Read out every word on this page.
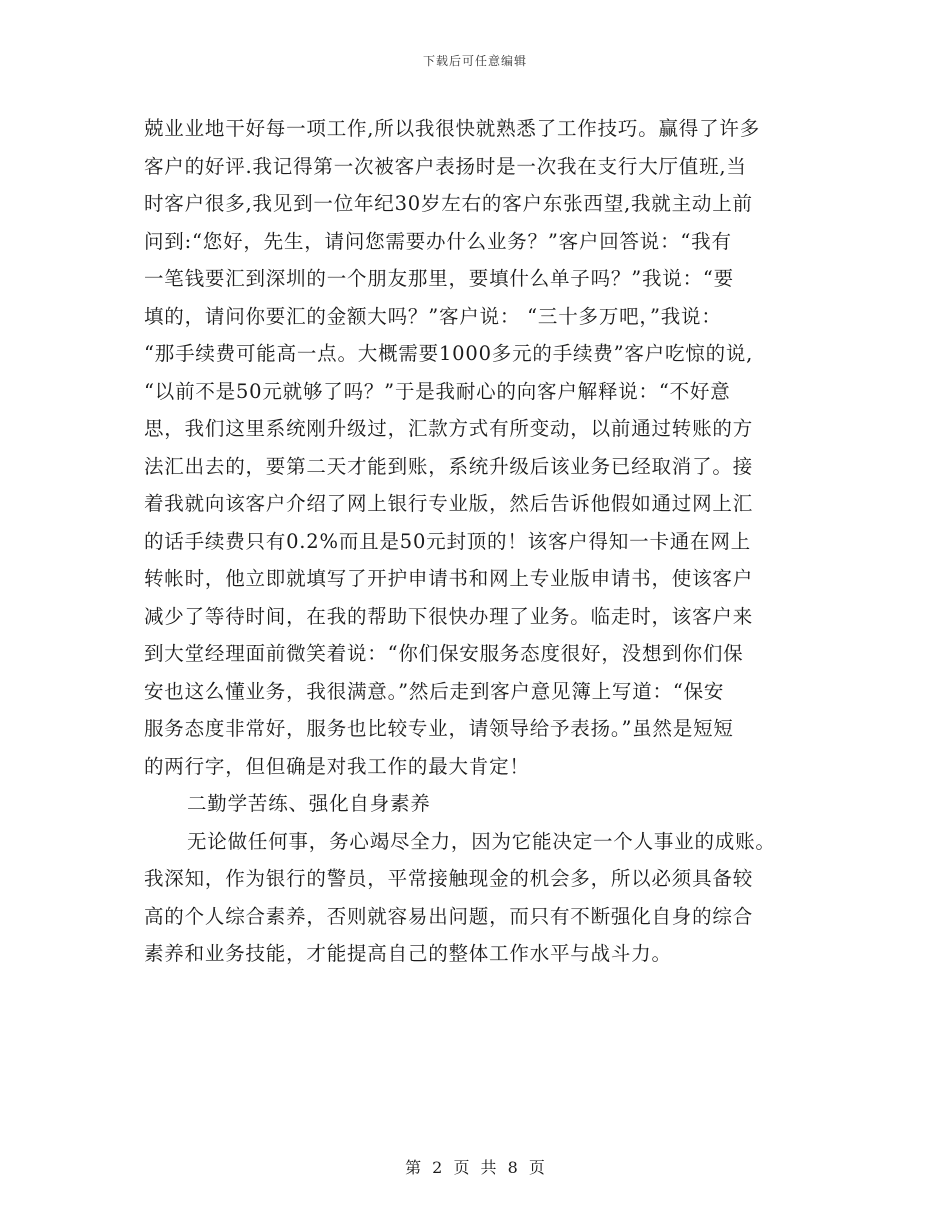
下载后可任意编辑
兢业业地干好每一项工作,所以我很快就熟悉了工作技巧。赢得了许多
客户的好评.我记得第一次被客户表扬时是一次我在支行大厅值班,当
时客户很多,我见到一位年纪30岁左右的客户东张西望,我就主动上前
问到:“您好，先生，请问您需要办什么业务？”客户回答说：“我有
一笔钱要汇到深圳的一个朋友那里，要填什么单子吗？”我说：“要
填的，请问你要汇的金额大吗？”客户说： “三十多万吧，”我说：
“那手续费可能高一点。大概需要1000多元的手续费”客户吃惊的说,
“以前不是50元就够了吗？”于是我耐心的向客户解释说：“不好意
思，我们这里系统刚升级过，汇款方式有所变动，以前通过转账的方
法汇出去的，要第二天才能到账，系统升级后该业务已经取消了。接
着我就向该客户介绍了网上银行专业版，然后告诉他假如通过网上汇
的话手续费只有0.2%而且是50元封顶的！该客户得知一卡通在网上
转帐时，他立即就填写了开护申请书和网上专业版申请书，使该客户
减少了等待时间，在我的帮助下很快办理了业务。临走时，该客户来
到大堂经理面前微笑着说：“你们保安服务态度很好，没想到你们保
安也这么懂业务，我很满意。”然后走到客户意见簿上写道：“保安
服务态度非常好，服务也比较专业，请领导给予表扬。”虽然是短短
的两行字，但但确是对我工作的最大肯定！
二勤学苦练、强化自身素养
无论做任何事，务心竭尽全力，因为它能决定一个人事业的成账。
我深知，作为银行的警员，平常接触现金的机会多，所以必须具备较
高的个人综合素养，否则就容易出问题，而只有不断强化自身的综合
素养和业务技能，才能提高自己的整体工作水平与战斗力。
第 2 页 共 8 页
